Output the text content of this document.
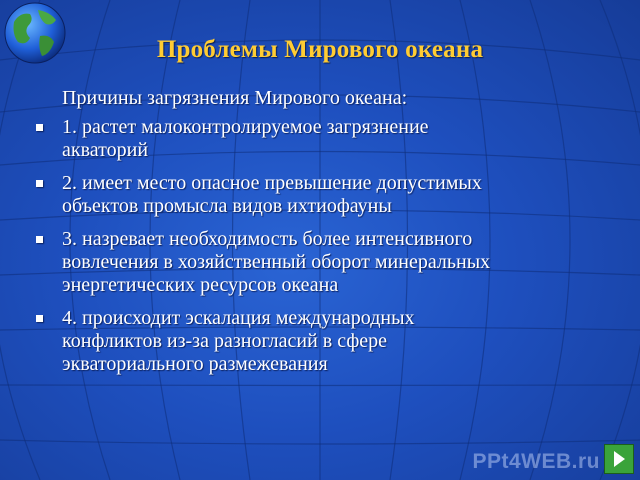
Проблемы Мирового океана
Причины загрязнения Мирового океана:
1. растет малоконтролируемое загрязнение
акваторий
2. имеет место опасное превышение допустимых
объектов промысла видов ихтиофауны
3. назревает необходимость более интенсивного
вовлечения в хозяйственный оборот минеральных
энергетических ресурсов океана
4. происходит эскалация международных
конфликтов из-за разногласий в сфере
экваториального размежевания
PPt4WEB.ru
